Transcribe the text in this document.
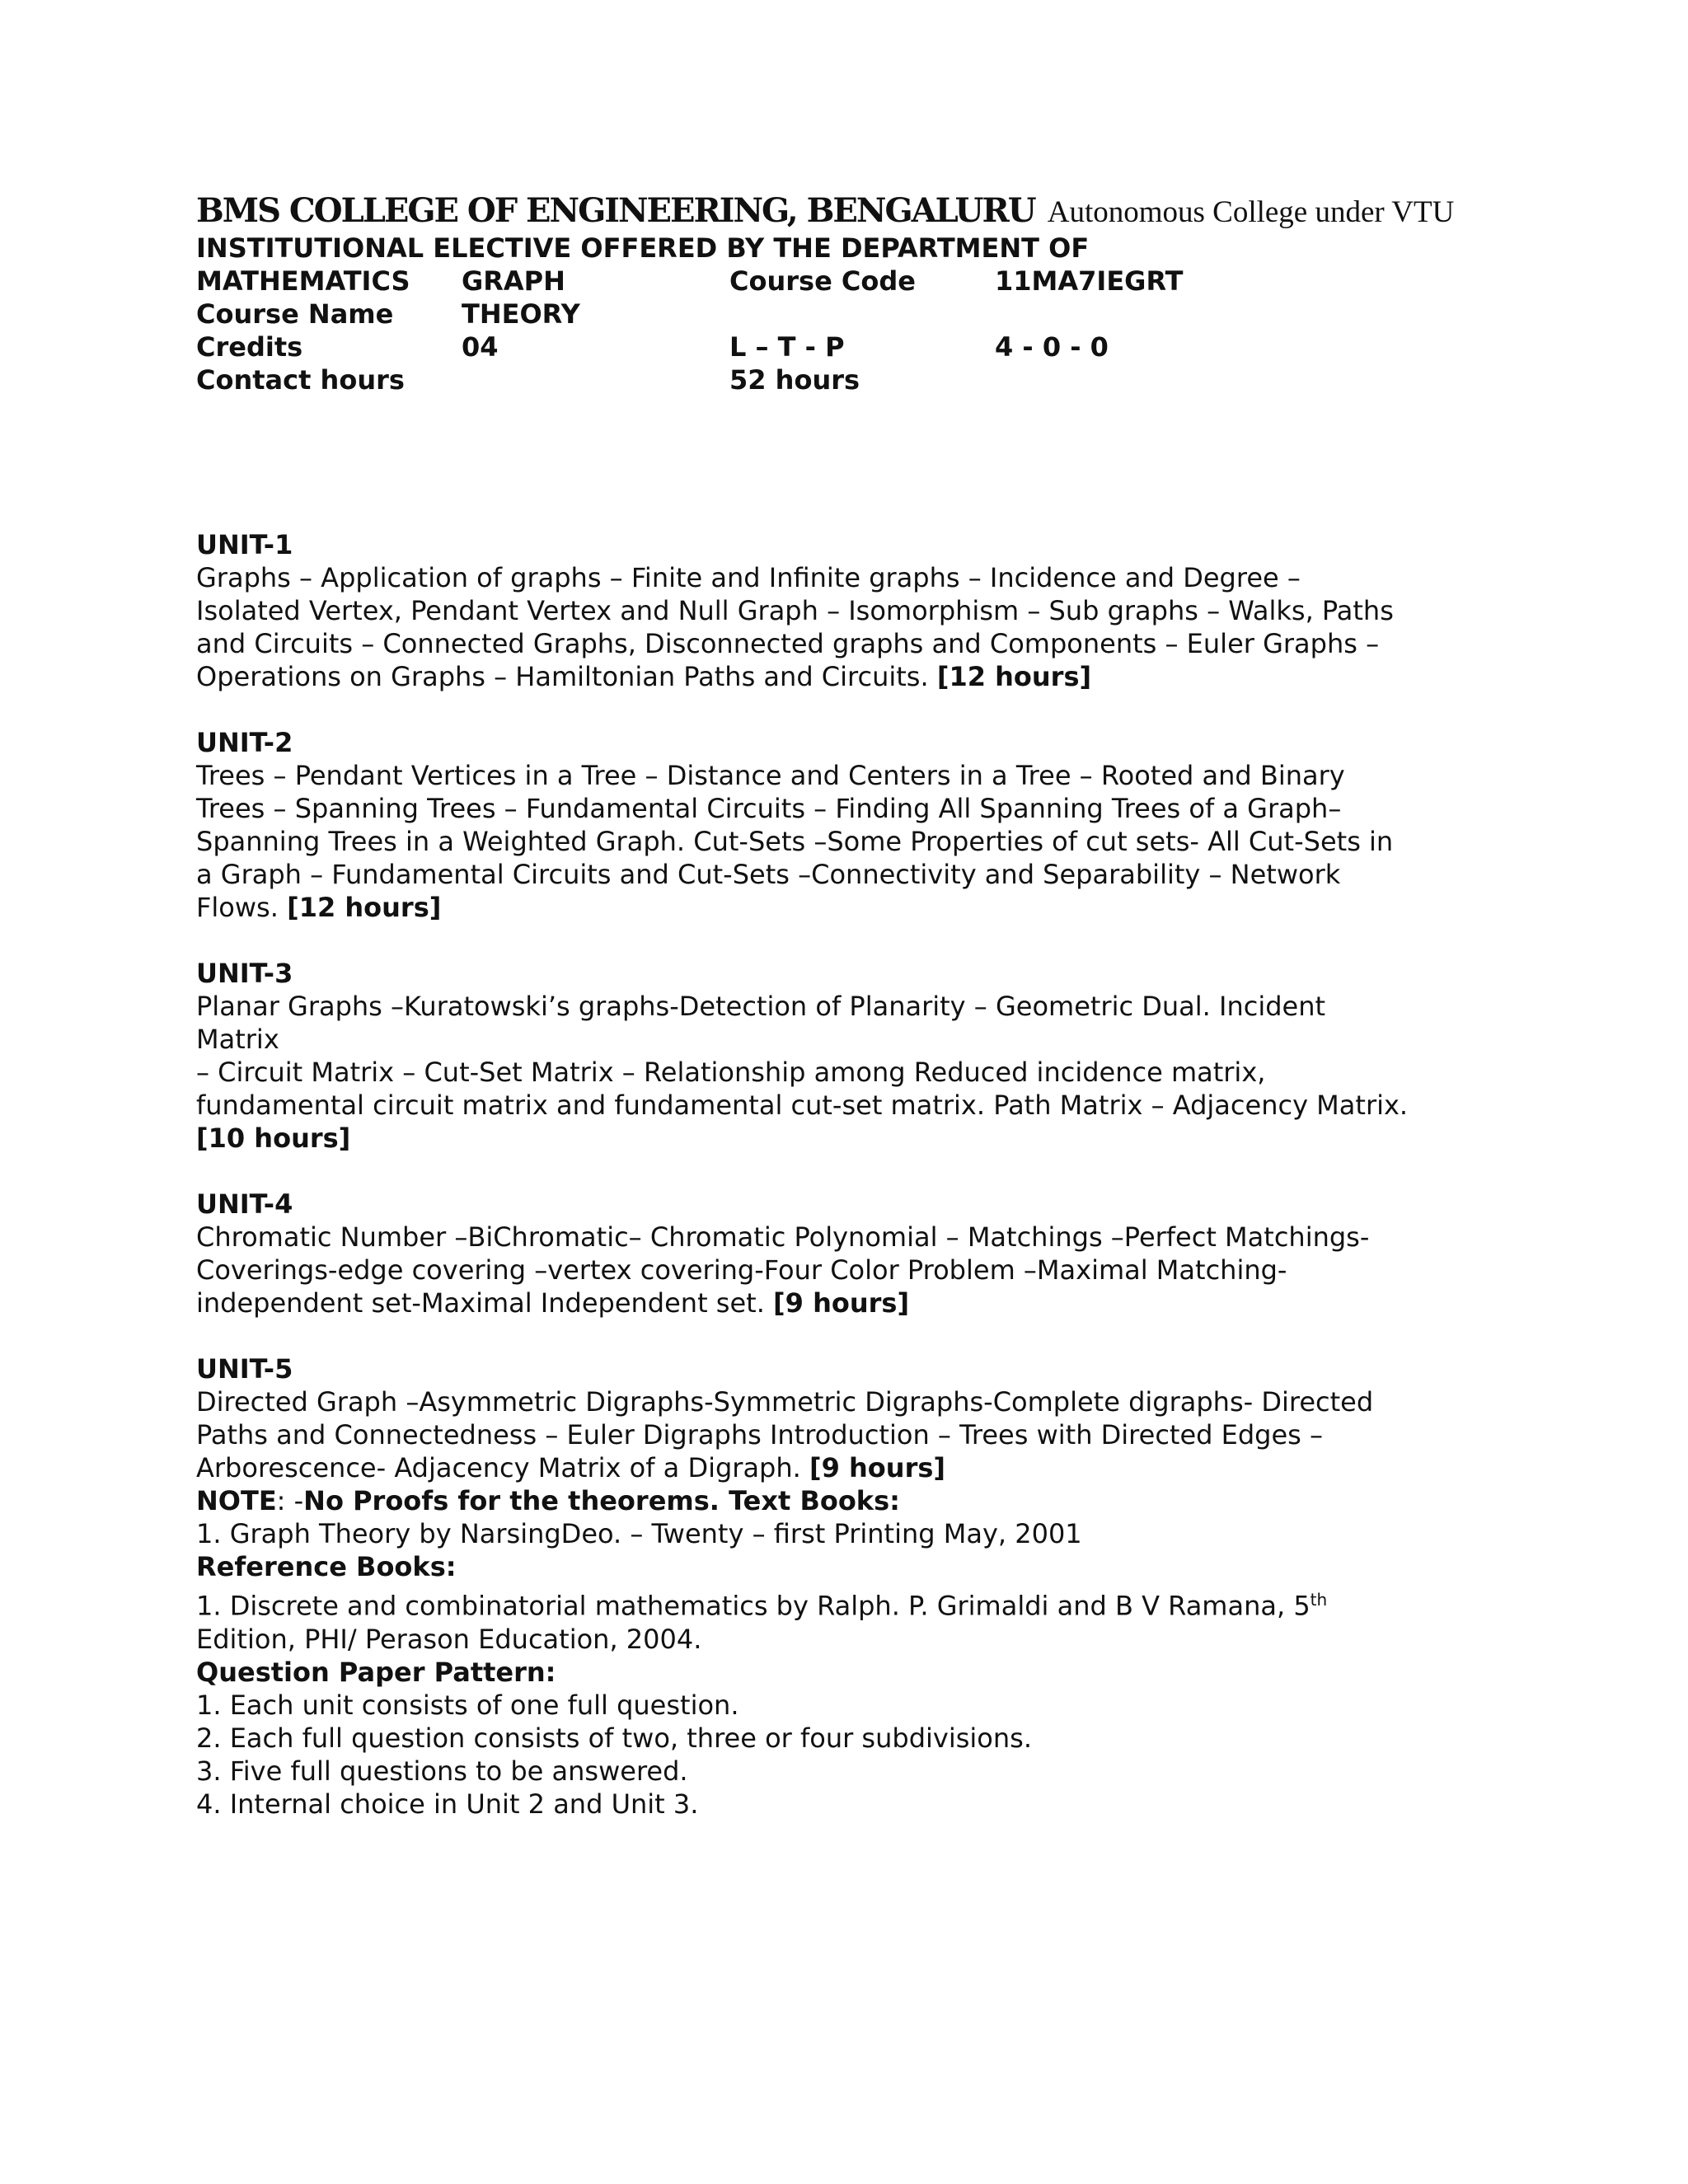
BMS COLLEGE OF ENGINEERING, BENGALURU Autonomous College under VTU
INSTITUTIONAL ELECTIVE OFFERED BY THE DEPARTMENT OF
MATHEMATICS	GRAPH	Course Code	11MA7IEGRT
Course Name	THEORY
Credits	04	L – T - P	4 - 0 - 0
Contact hours	52 hours
UNIT-1
Graphs – Application of graphs – Finite and Infinite graphs – Incidence and Degree –
Isolated Vertex, Pendant Vertex and Null Graph – Isomorphism – Sub graphs – Walks, Paths
and Circuits – Connected Graphs, Disconnected graphs and Components – Euler Graphs –
Operations on Graphs – Hamiltonian Paths and Circuits. [12 hours]
UNIT-2
Trees – Pendant Vertices in a Tree – Distance and Centers in a Tree – Rooted and Binary
Trees – Spanning Trees – Fundamental Circuits – Finding All Spanning Trees of a Graph–
Spanning Trees in a Weighted Graph. Cut-Sets –Some Properties of cut sets- All Cut-Sets in
a Graph – Fundamental Circuits and Cut-Sets –Connectivity and Separability – Network
Flows. [12 hours]
UNIT-3
Planar Graphs –Kuratowski’s graphs-Detection of Planarity – Geometric Dual. Incident
Matrix
– Circuit Matrix – Cut-Set Matrix – Relationship among Reduced incidence matrix,
fundamental circuit matrix and fundamental cut-set matrix. Path Matrix – Adjacency Matrix.
[10 hours]
UNIT-4
Chromatic Number –BiChromatic– Chromatic Polynomial – Matchings –Perfect Matchings-
Coverings-edge covering –vertex covering-Four Color Problem –Maximal Matching-
independent set-Maximal Independent set. [9 hours]
UNIT-5
Directed Graph –Asymmetric Digraphs-Symmetric Digraphs-Complete digraphs- Directed
Paths and Connectedness – Euler Digraphs Introduction – Trees with Directed Edges –
Arborescence- Adjacency Matrix of a Digraph. [9 hours]
NOTE: -No Proofs for the theorems. Text Books:
1. Graph Theory by NarsingDeo. – Twenty – first Printing May, 2001
Reference Books:
1. Discrete and combinatorial mathematics by Ralph. P. Grimaldi and B V Ramana, 5th
Edition, PHI/ Perason Education, 2004.
Question Paper Pattern:
1. Each unit consists of one full question.
2. Each full question consists of two, three or four subdivisions.
3. Five full questions to be answered.
4. Internal choice in Unit 2 and Unit 3.
